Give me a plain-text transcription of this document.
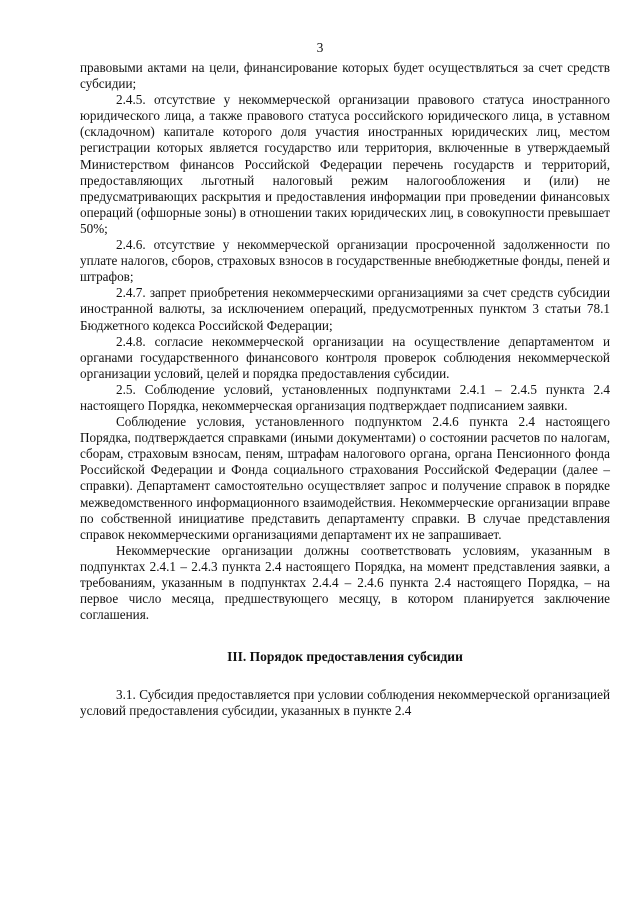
3

правовыми актами на цели, финансирование которых будет осуществляться за счет средств субсидии;

2.4.5. отсутствие у некоммерческой организации правового статуса иностранного юридического лица, а также правового статуса российского юридического лица, в уставном (складочном) капитале которого доля участия иностранных юридических лиц, местом регистрации которых является государство или территория, включенные в утверждаемый Министерством финансов Российской Федерации перечень государств и территорий, предоставляющих льготный налоговый режим налогообложения и (или) не предусматривающих раскрытия и предоставления информации при проведении финансовых операций (офшорные зоны) в отношении таких юридических лиц, в совокупности превышает 50%;

2.4.6. отсутствие у некоммерческой организации просроченной задолженности по уплате налогов, сборов, страховых взносов в государственные внебюджетные фонды, пеней и штрафов;

2.4.7. запрет приобретения некоммерческими организациями за счет средств субсидии иностранной валюты, за исключением операций, предусмотренных пунктом 3 статьи 78.1 Бюджетного кодекса Российской Федерации;

2.4.8. согласие некоммерческой организации на осуществление департаментом и органами государственного финансового контроля проверок соблюдения некоммерческой организации условий, целей и порядка предоставления субсидии.

2.5. Соблюдение условий, установленных подпунктами 2.4.1 – 2.4.5 пункта 2.4 настоящего Порядка, некоммерческая организация подтверждает подписанием заявки.

Соблюдение условия, установленного подпунктом 2.4.6 пункта 2.4 настоящего Порядка, подтверждается справками (иными документами) о состоянии расчетов по налогам, сборам, страховым взносам, пеням, штрафам налогового органа, органа Пенсионного фонда Российской Федерации и Фонда социального страхования Российской Федерации (далее – справки). Департамент самостоятельно осуществляет запрос и получение справок в порядке межведомственного информационного взаимодействия. Некоммерческие организации вправе по собственной инициативе представить департаменту справки. В случае представления справок некоммерческими организациями департамент их не запрашивает.

Некоммерческие организации должны соответствовать условиям, указанным в подпунктах 2.4.1 – 2.4.3 пункта 2.4 настоящего Порядка, на момент представления заявки, а требованиям, указанным в подпунктах 2.4.4 – 2.4.6 пункта 2.4 настоящего Порядка, – на первое число месяца, предшествующего месяцу, в котором планируется заключение соглашения.

III. Порядок предоставления субсидии

3.1. Субсидия предоставляется при условии соблюдения некоммерческой организацией условий предоставления субсидии, указанных в пункте 2.4
